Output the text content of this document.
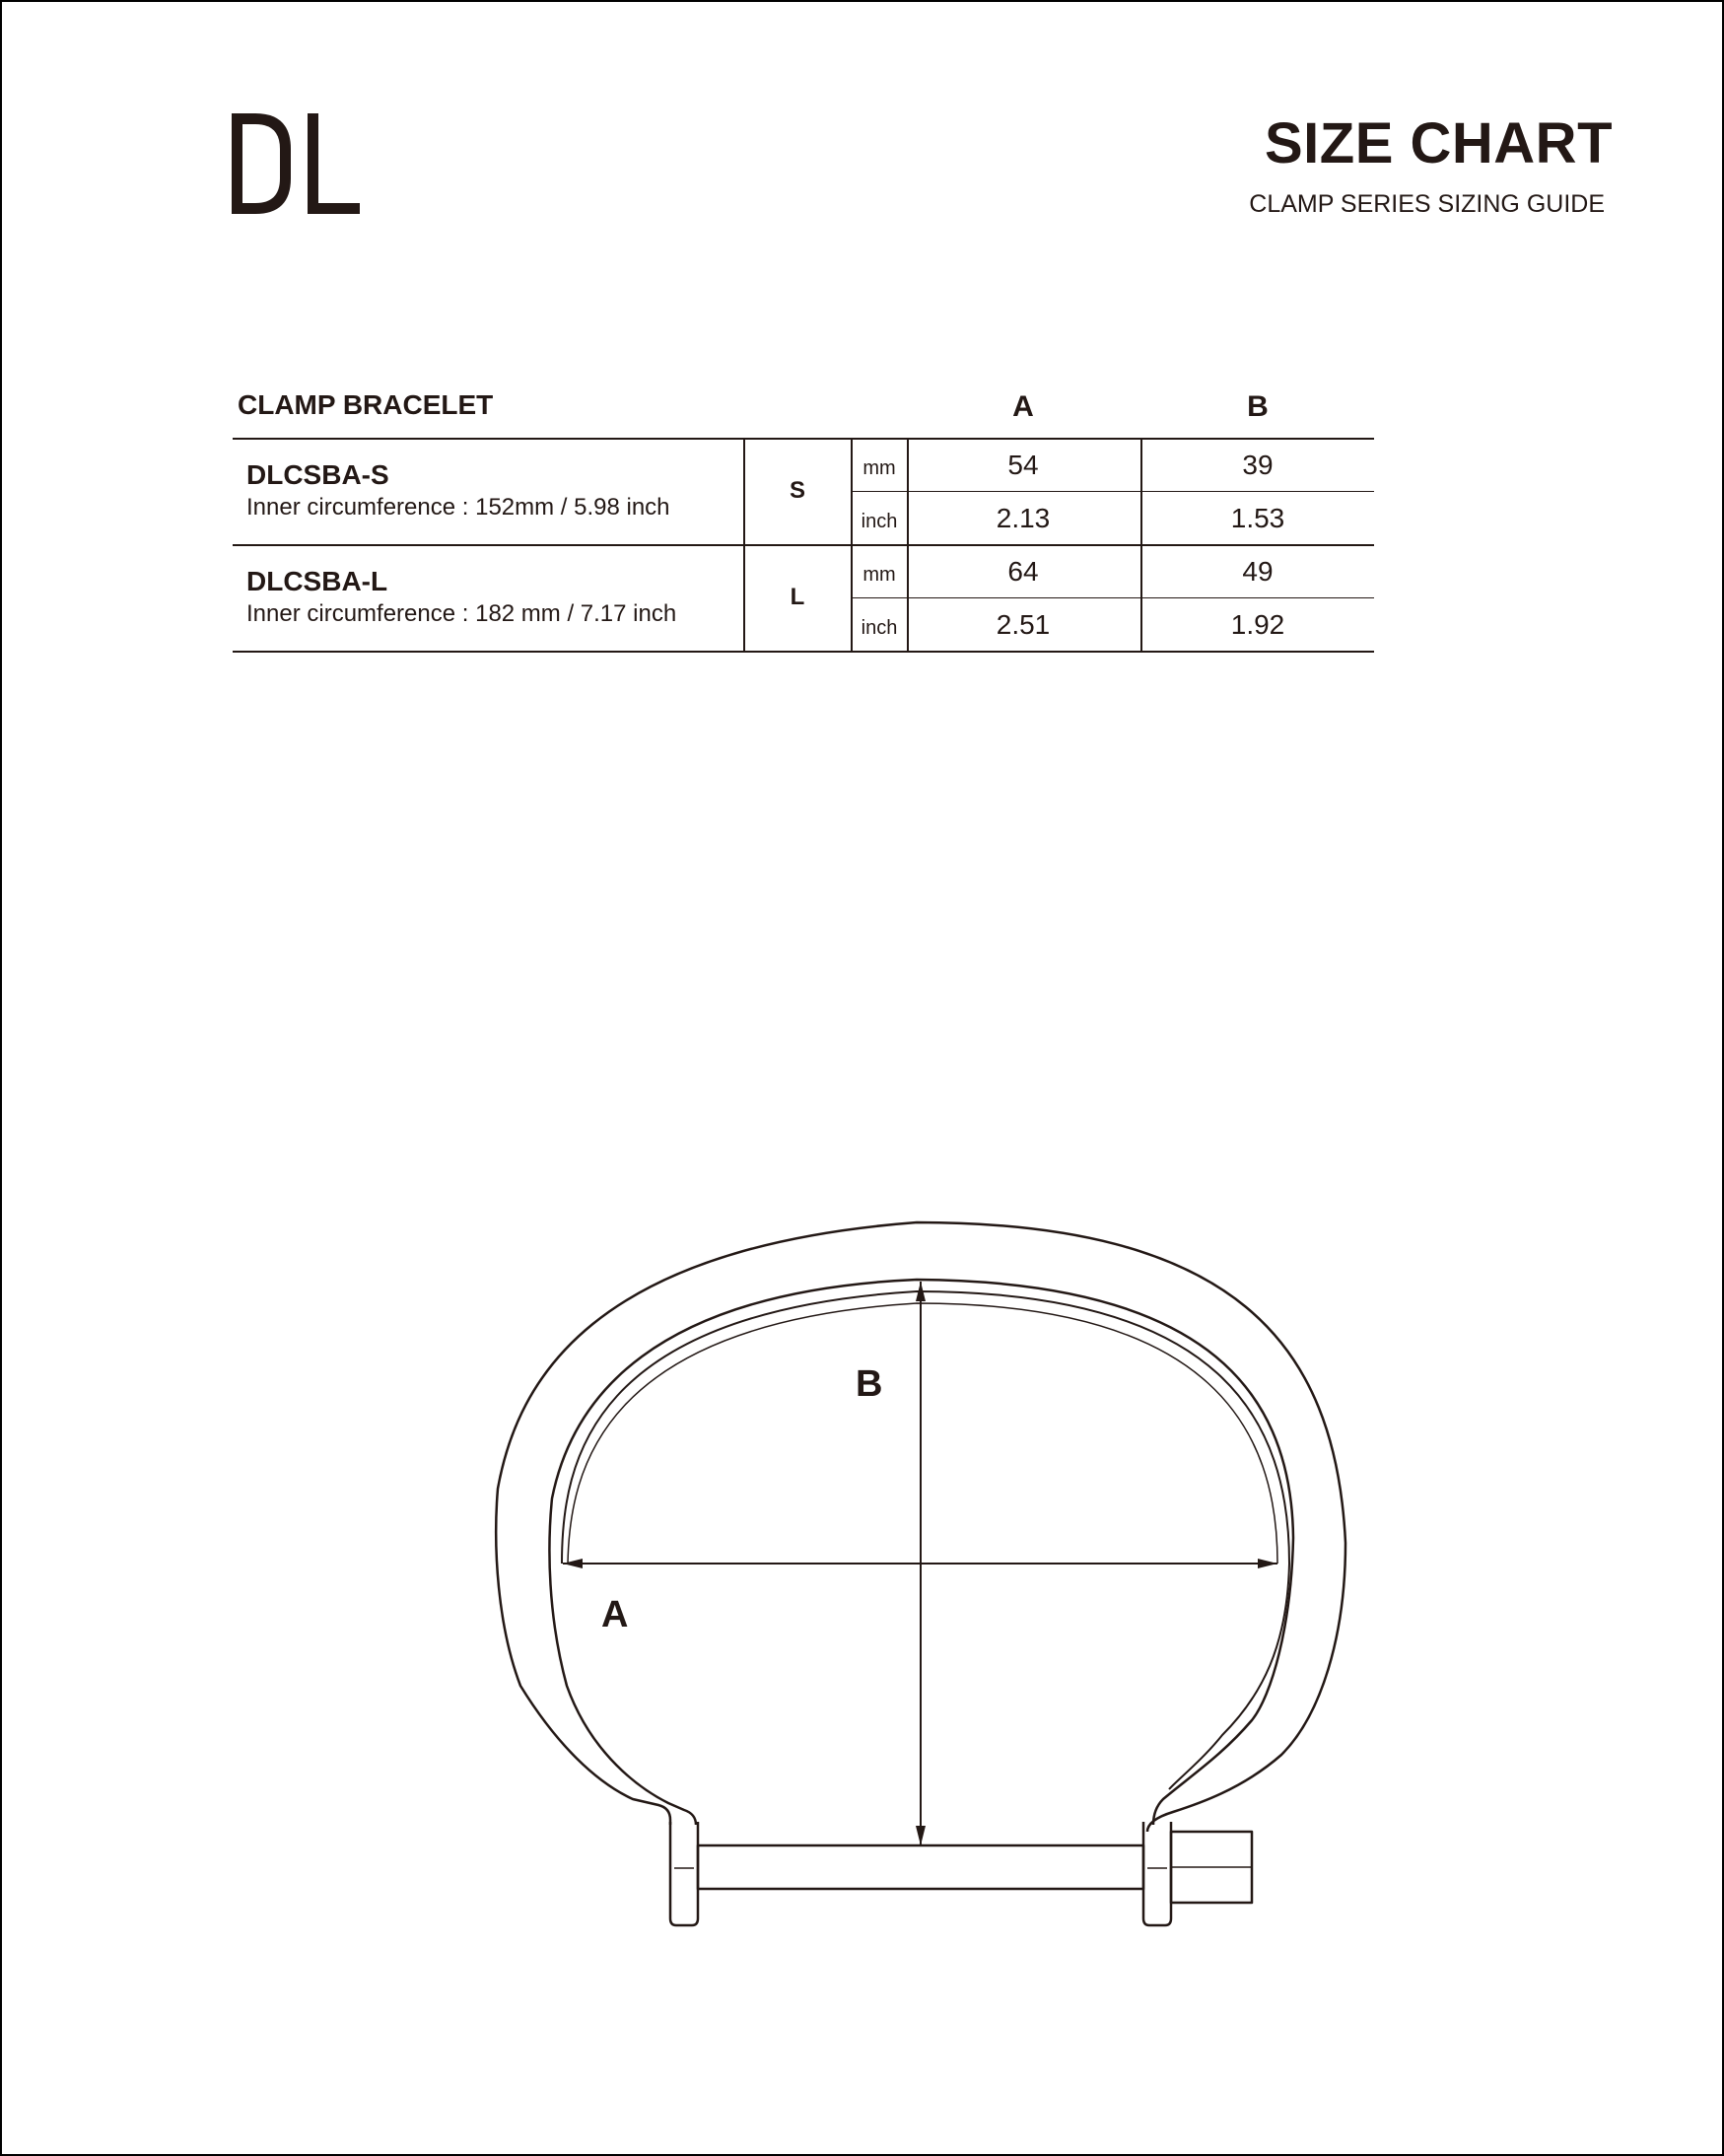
SIZE CHART
CLAMP SERIES SIZING GUIDE
CLAMP BRACELET	A	B
DLCSBA-S
Inner circumference : 152mm / 5.98 inch
S
mm	54	39
inch	2.13	1.53
DLCSBA-L
Inner circumference : 182 mm / 7.17 inch
L
mm	64	49
inch	2.51	1.92
A
B
